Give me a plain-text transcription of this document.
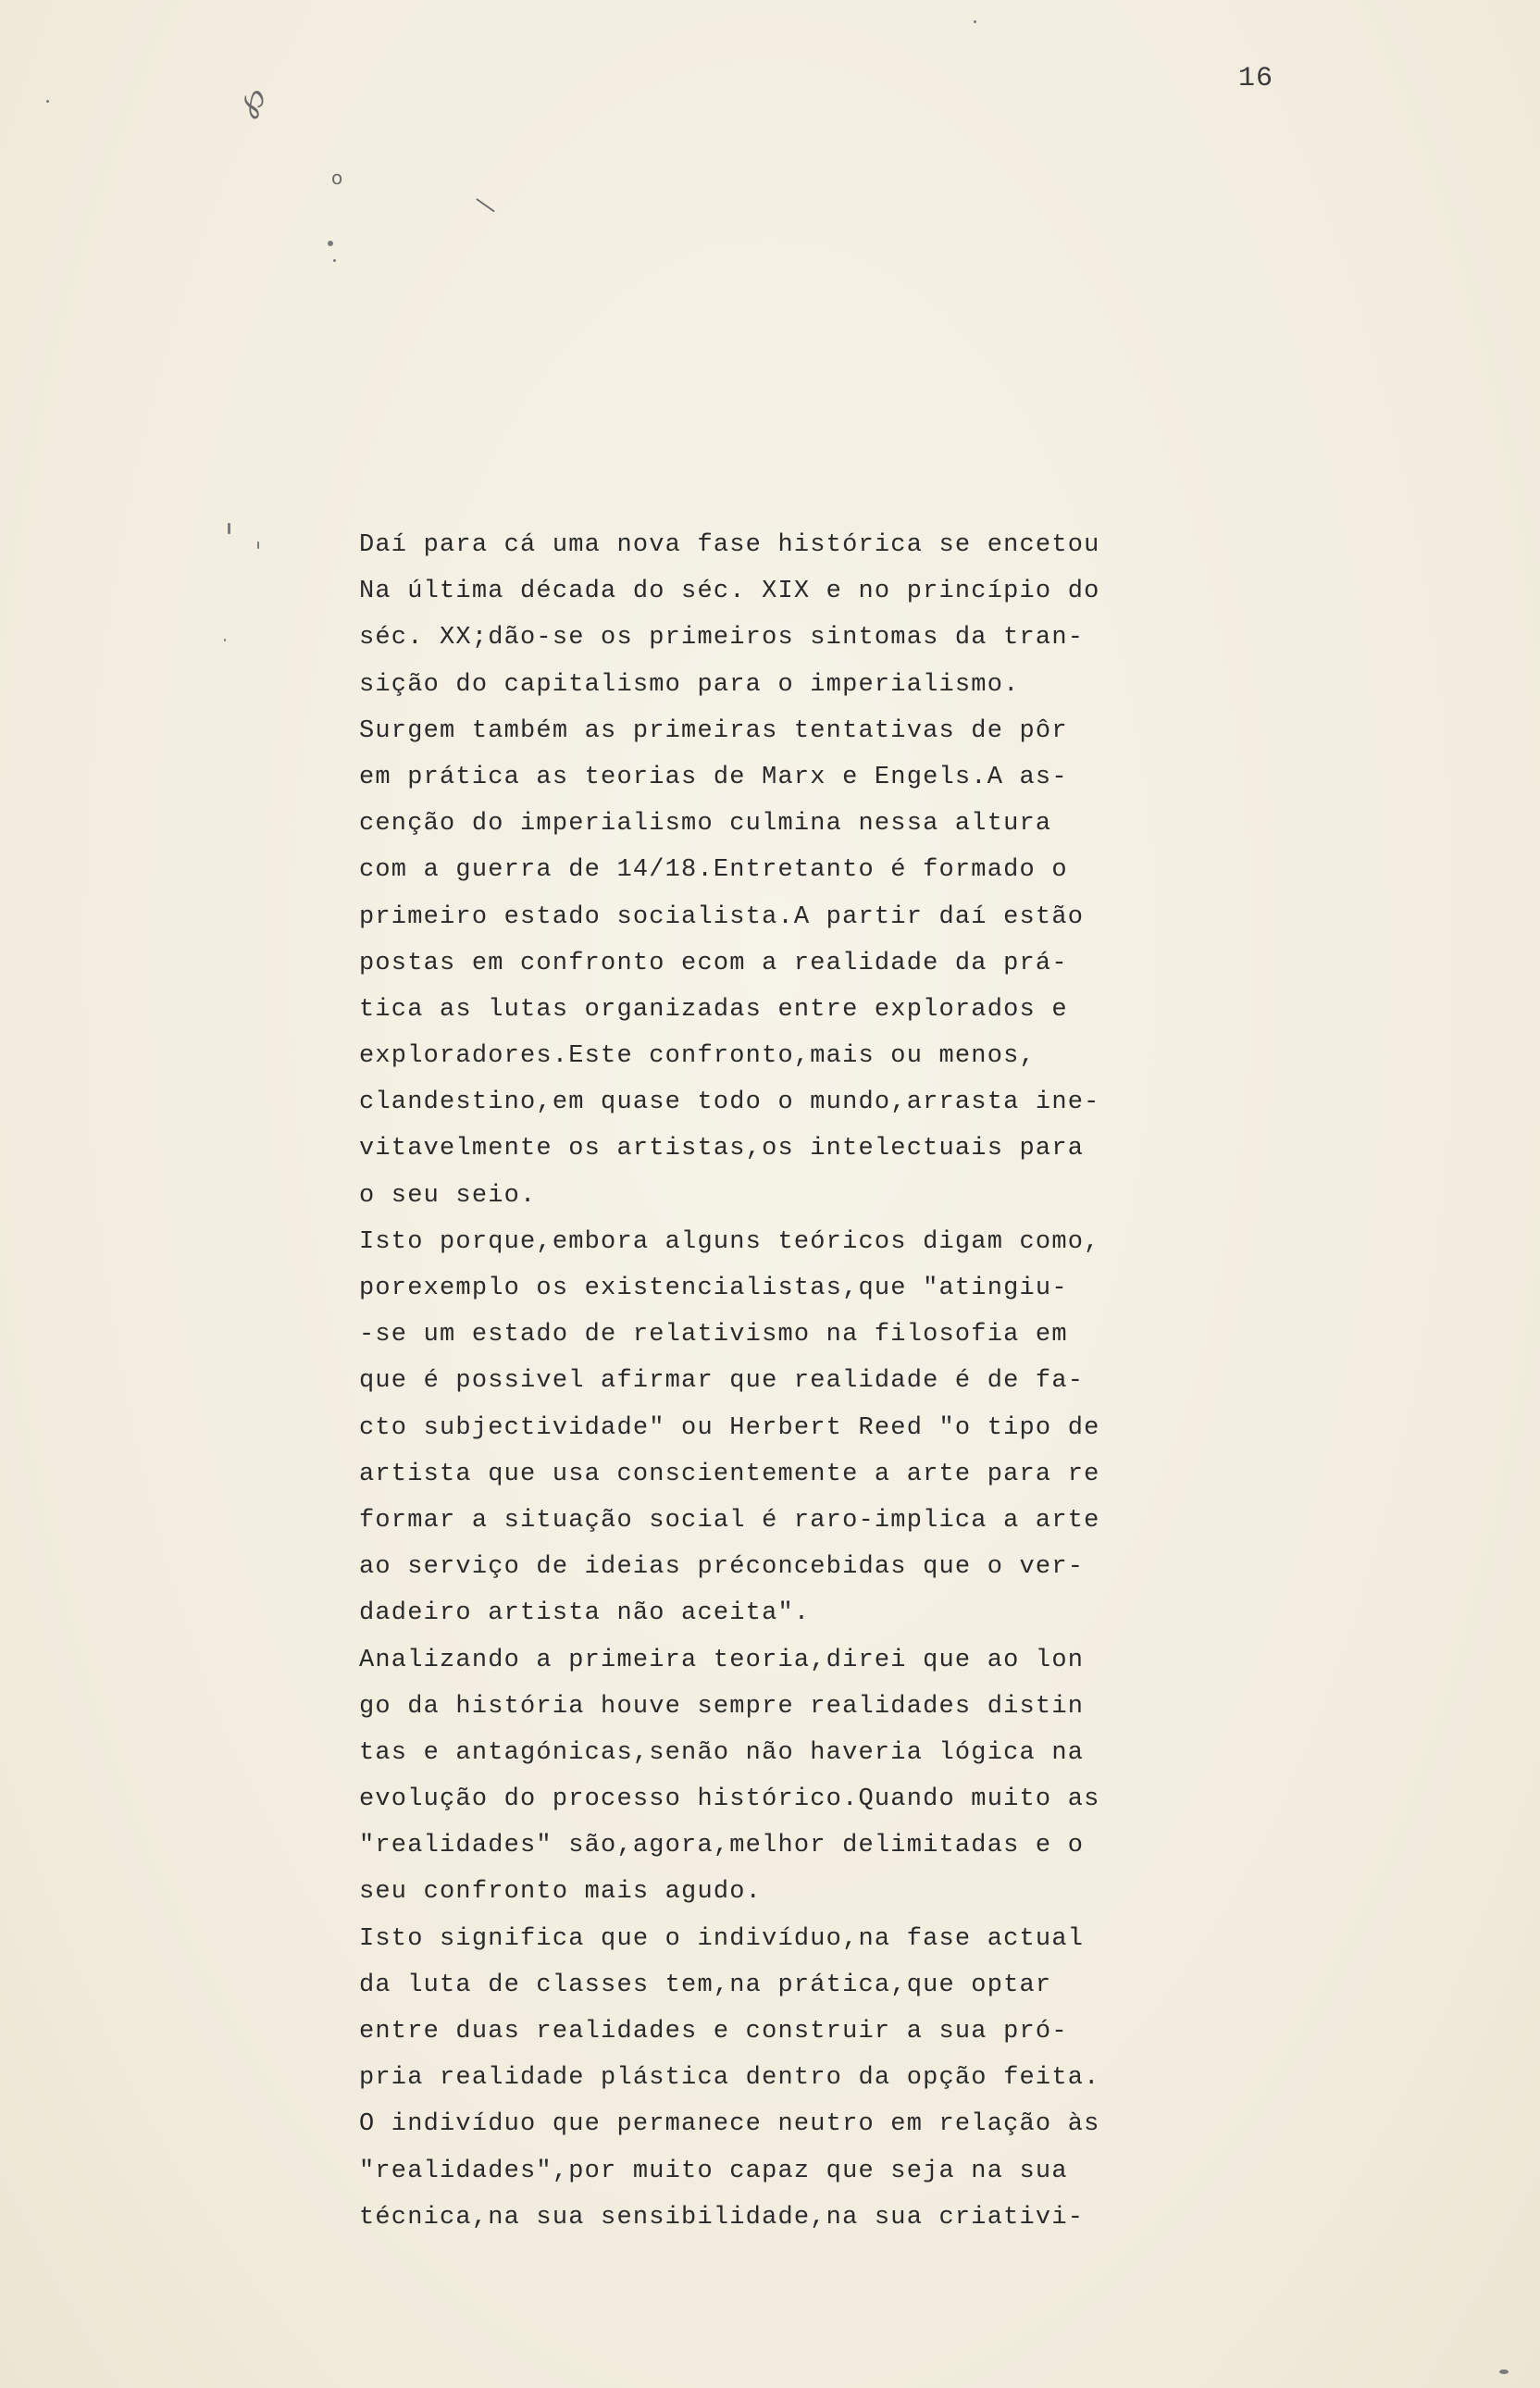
℘
o
—
16
Daí para cá uma nova fase histórica se encetou
Na última década do séc. XIX e no princípio do
séc. XX;dão-se os primeiros sintomas da tran-
sição do capitalismo para o imperialismo.
Surgem também as primeiras tentativas de pôr
em prática as teorias de Marx e Engels.A as-
cenção do imperialismo culmina nessa altura
com a guerra de 14/18.Entretanto é formado o
primeiro estado socialista.A partir daí estão
postas em confronto ecom a realidade da prá-
tica as lutas organizadas entre explorados e
exploradores.Este confronto,mais ou menos,
clandestino,em quase todo o mundo,arrasta ine-
vitavelmente os artistas,os intelectuais para
o seu seio.
Isto porque,embora alguns teóricos digam como,
porexemplo os existencialistas,que "atingiu-
-se um estado de relativismo na filosofia em
que é possivel afirmar que realidade é de fa-
cto subjectividade" ou Herbert Reed "o tipo de
artista que usa conscientemente a arte para re
formar a situação social é raro-implica a arte
ao serviço de ideias préconcebidas que o ver-
dadeiro artista não aceita".
Analizando a primeira teoria,direi que ao lon
go da história houve sempre realidades distin
tas e antagónicas,senão não haveria lógica na
evolução do processo histórico.Quando muito as
"realidades" são,agora,melhor delimitadas e o
seu confronto mais agudo.
Isto significa que o indivíduo,na fase actual
da luta de classes tem,na prática,que optar
entre duas realidades e construir a sua pró-
pria realidade plástica dentro da opção feita.
O indivíduo que permanece neutro em relação às
"realidades",por muito capaz que seja na sua
técnica,na sua sensibilidade,na sua criativi-
